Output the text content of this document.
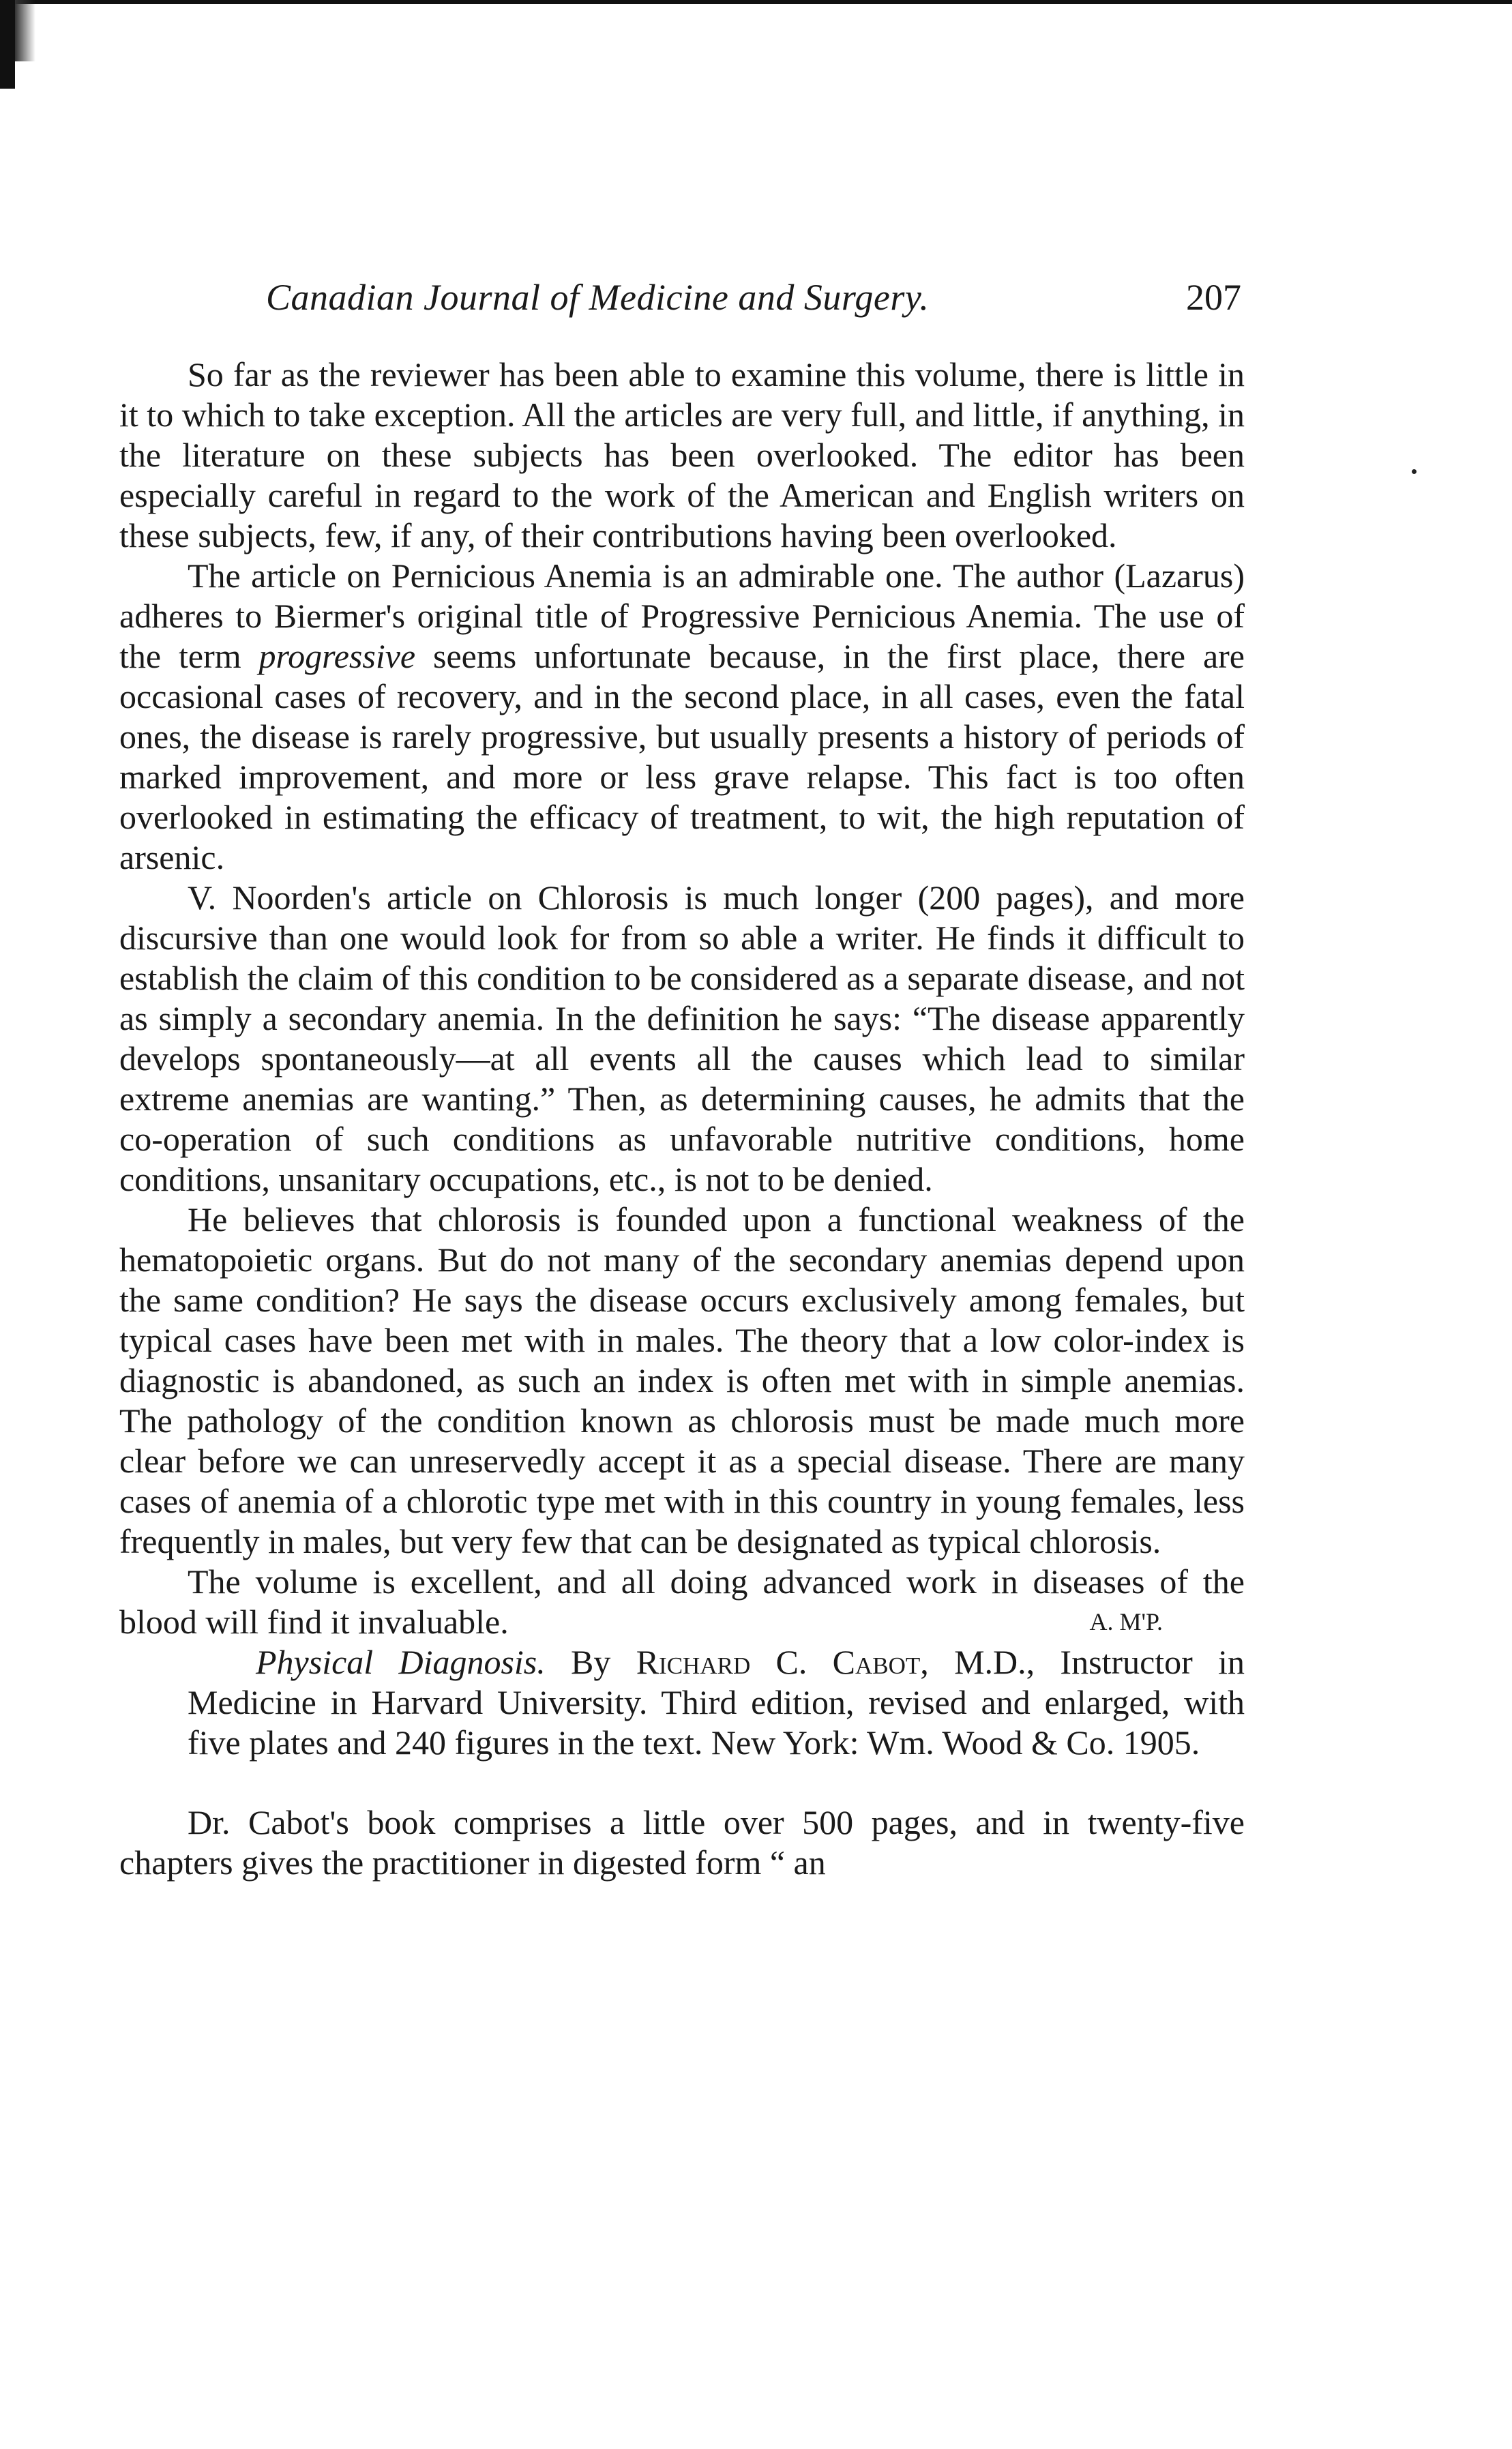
Canadian Journal of Medicine and Surgery.	207

So far as the reviewer has been able to examine this volume, there is little in it to which to take exception. All the articles are very full, and little, if anything, in the literature on these subjects has been overlooked. The editor has been especially careful in regard to the work of the American and English writers on these subjects, few, if any, of their contributions having been overlooked.

The article on Pernicious Anemia is an admirable one. The author (Lazarus) adheres to Biermer's original title of Progressive Pernicious Anemia. The use of the term progressive seems unfortunate because, in the first place, there are occasional cases of recovery, and in the second place, in all cases, even the fatal ones, the disease is rarely progressive, but usually presents a history of periods of marked improvement, and more or less grave relapse. This fact is too often overlooked in estimating the efficacy of treatment, to wit, the high reputation of arsenic.

V. Noorden's article on Chlorosis is much longer (200 pages), and more discursive than one would look for from so able a writer. He finds it difficult to establish the claim of this condition to be considered as a separate disease, and not as simply a secondary anemia. In the definition he says: “The disease apparently develops spontaneously—at all events all the causes which lead to similar extreme anemias are wanting.” Then, as determining causes, he admits that the co-operation of such conditions as unfavorable nutritive conditions, home conditions, unsanitary occupations, etc., is not to be denied.

He believes that chlorosis is founded upon a functional weakness of the hematopoietic organs. But do not many of the secondary anemias depend upon the same condition? He says the disease occurs exclusively among females, but typical cases have been met with in males. The theory that a low color-index is diagnostic is abandoned, as such an index is often met with in simple anemias. The pathology of the condition known as chlorosis must be made much more clear before we can unreservedly accept it as a special disease. There are many cases of anemia of a chlorotic type met with in this country in young females, less frequently in males, but very few that can be designated as typical chlorosis.

The volume is excellent, and all doing advanced work in diseases of the blood will find it invaluable.	A. M'P.

Physical Diagnosis. By Richard C. Cabot, M.D., Instructor in Medicine in Harvard University. Third edition, revised and enlarged, with five plates and 240 figures in the text. New York: Wm. Wood & Co. 1905.

Dr. Cabot's book comprises a little over 500 pages, and in twenty-five chapters gives the practitioner in digested form “ an
